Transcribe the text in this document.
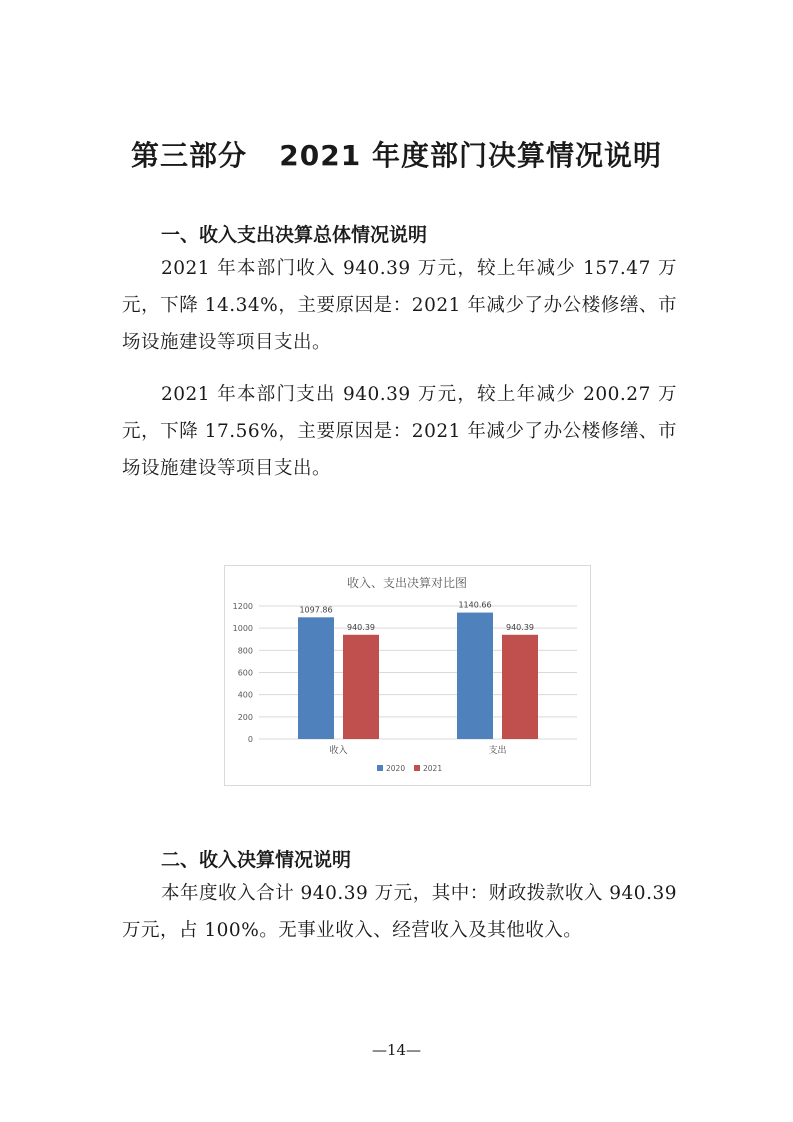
第三部分   2021 年度部门决算情况说明
一、收入支出决算总体情况说明

2021 年本部门收入 940.39 万元，较上年减少 157.47 万元，下降 14.34%，主要原因是：2021 年减少了办公楼修缮、市场设施建设等项目支出。

2021 年本部门支出 940.39 万元，较上年减少 200.27 万元，下降 17.56%，主要原因是：2021 年减少了办公楼修缮、市场设施建设等项目支出。

收入、支出决算对比图
0
200
400
600
800
1000
1200	1097.86
940.39
1140.66
940.39
收入	支出
2020 2021
二、收入决算情况说明

本年度收入合计 940.39 万元，其中：财政拨款收入 940.39 万元，占 100%。无事业收入、经营收入及其他收入。

—14—
